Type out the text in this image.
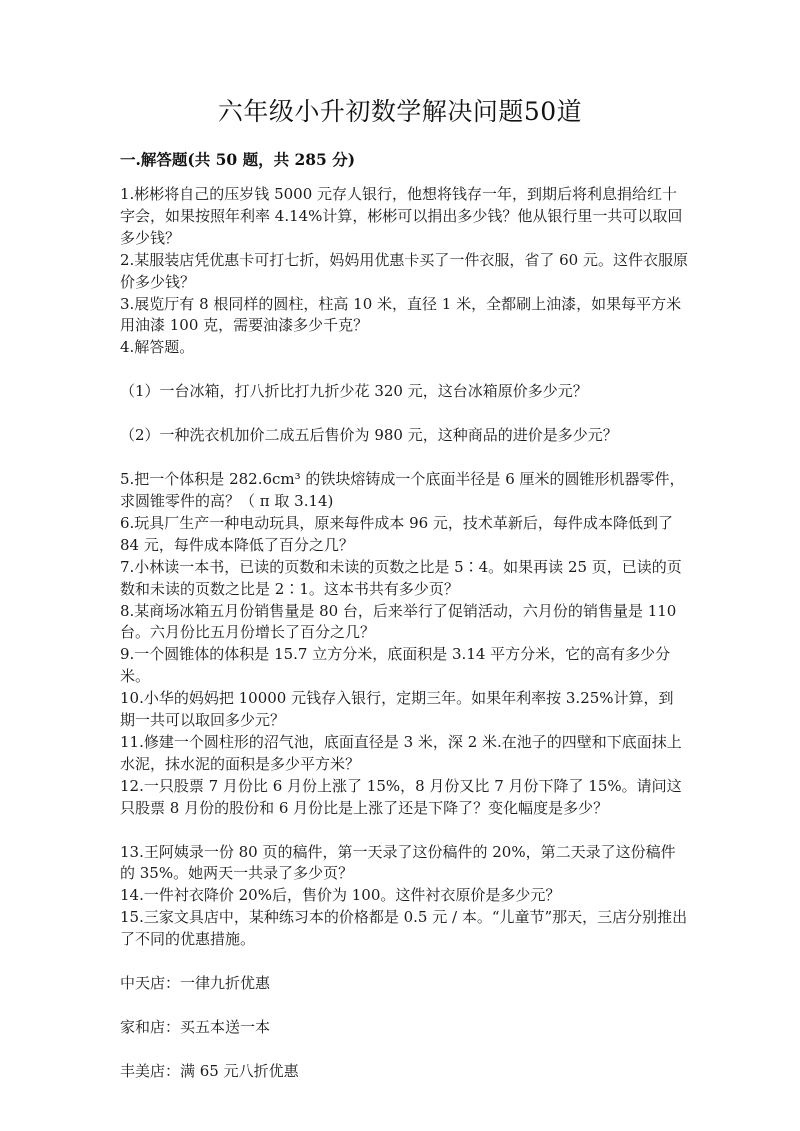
六年级小升初数学解决问题50道
一.解答题(共 50 题，共 285 分)

1.彬彬将自己的压岁钱 5000 元存人银行，他想将钱存一年，到期后将利息捐给红十字会，如果按照年利率 4.14%计算，彬彬可以捐出多少钱？他从银行里一共可以取回多少钱？

2.某服装店凭优惠卡可打七折，妈妈用优惠卡买了一件衣服，省了 60 元。这件衣服原价多少钱？

3.展览厅有 8 根同样的圆柱，柱高 10 米，直径 1 米，全都刷上油漆，如果每平方米用油漆 100 克，需要油漆多少千克？

4.解答题。

（1）一台冰箱，打八折比打九折少花 320 元，这台冰箱原价多少元？

（2）一种洗衣机加价二成五后售价为 980 元，这种商品的进价是多少元？

5.把一个体积是 282.6cm³ 的铁块熔铸成一个底面半径是 6 厘米的圆锥形机器零件，求圆锥零件的高？（ π 取 3.14)

6.玩具厂生产一种电动玩具，原来每件成本 96 元，技术革新后，每件成本降低到了 84 元，每件成本降低了百分之几？

7.小林读一本书，已读的页数和未读的页数之比是 5∶4。如果再读 25 页，已读的页数和未读的页数之比是 2∶1。这本书共有多少页？

8.某商场冰箱五月份销售量是 80 台，后来举行了促销活动，六月份的销售量是 110 台。六月份比五月份增长了百分之几？

9.一个圆锥体的体积是 15.7 立方分米，底面积是 3.14 平方分米，它的高有多少分米。

10.小华的妈妈把 10000 元钱存入银行，定期三年。如果年利率按 3.25%计算，到期一共可以取回多少元？

11.修建一个圆柱形的沼气池，底面直径是 3 米，深 2 米.在池子的四壁和下底面抹上水泥，抹水泥的面积是多少平方米？

12.一只股票 7 月份比 6 月份上涨了 15%，8 月份又比 7 月份下降了 15%。请问这只股票 8 月份的股份和 6 月份比是上涨了还是下降了？变化幅度是多少？

13.王阿姨录一份 80 页的稿件，第一天录了这份稿件的 20%，第二天录了这份稿件的 35%。她两天一共录了多少页？

14.一件衬衣降价 20%后，售价为 100。这件衬衣原价是多少元？

15.三家文具店中，某种练习本的价格都是 0.5 元 / 本。“儿童节”那天，三店分别推出了不同的优惠措施。

中天店：一律九折优惠

家和店：买五本送一本

丰美店：满 65 元八折优惠
